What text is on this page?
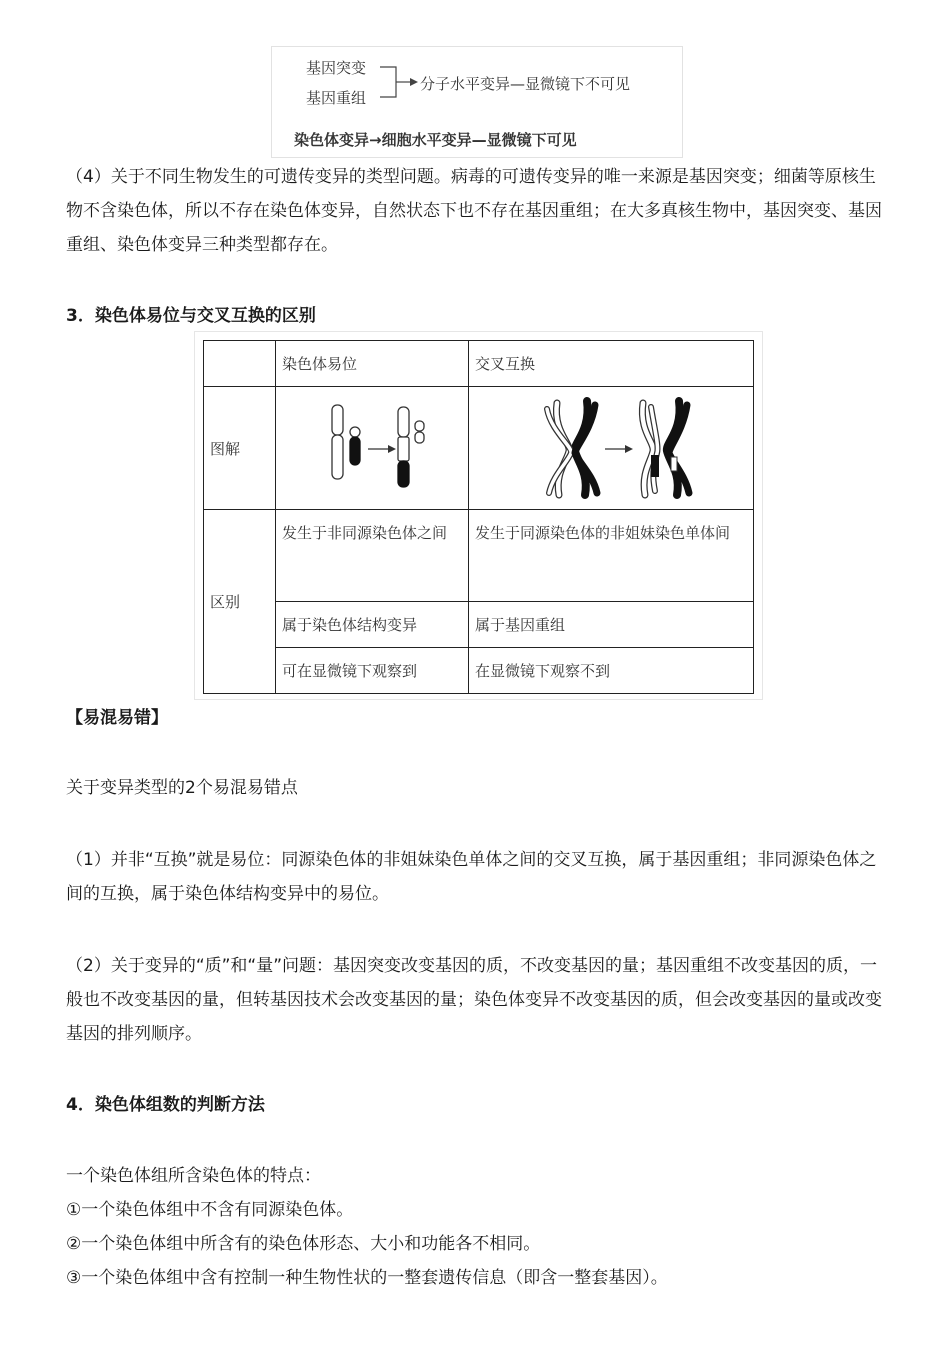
基因突变
基因重组
分子水平变异—显微镜下不可见
染色体变异→细胞水平变异—显微镜下可见

（4）关于不同生物发生的可遗传变异的类型问题。病毒的可遗传变异的唯一来源是基因突变；细菌等原核生物不含染色体，所以不存在染色体变异，自然状态下也不存在基因重组；在大多真核生物中，基因突变、基因重组、染色体变异三种类型都存在。

3．染色体易位与交叉互换的区别
	染色体易位	交叉互换
图解		
区别	发生于非同源染色体之间	发生于同源染色体的非姐妹染色单体间

	属于染色体结构变异	属于基因重组
	可在显微镜下观察到	在显微镜下观察不到
【易混易错】

关于变异类型的2个易混易错点

（1）并非“互换”就是易位：同源染色体的非姐妹染色单体之间的交叉互换，属于基因重组；非同源染色体之间的互换，属于染色体结构变异中的易位。

（2）关于变异的“质”和“量”问题：基因突变改变基因的质，不改变基因的量；基因重组不改变基因的质，一般也不改变基因的量，但转基因技术会改变基因的量；染色体变异不改变基因的质，但会改变基因的量或改变基因的排列顺序。

4．染色体组数的判断方法

一个染色体组所含染色体的特点：

①一个染色体组中不含有同源染色体。

②一个染色体组中所含有的染色体形态、大小和功能各不相同。

③一个染色体组中含有控制一种生物性状的一整套遗传信息（即含一整套基因）。
